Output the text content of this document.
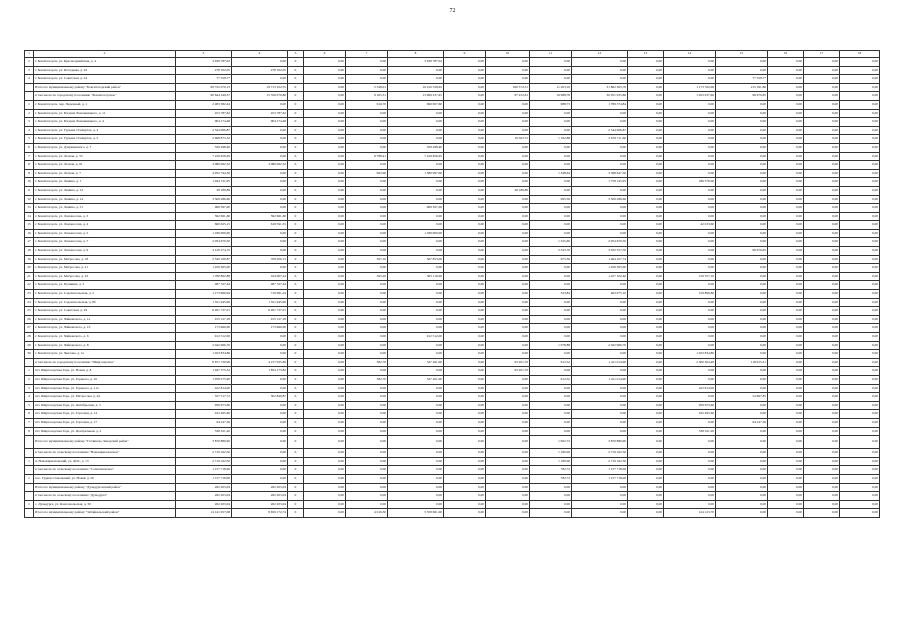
72
1	2	3	4	5	6	7	8	9	10	11	12	13	14	15	16	17	18
2	г. Бокситогорск, ул. Красноармейская, д. 4	3 639 787,02	0,00	0	0,00	0,00	3 639 787,02	0,00	0,00	0,00	0,00	0,00	0,00	0,00	0,00	0,00	0,00
3	г. Бокситогорск, ул. Погодаева, д. 45	278 162,05	278 162,05	0	0,00	0,00	0,00	0,00	0,00	0,00	0,00	0,00	0,00	0,00	0,00	0,00	0,00
4	г. Бокситогорск, ул. Советская, д. 24	77 558,77	0,00	0	0,00	0,00	0,00	0,00	0,00	0,00	0,00	0,00	0,00	77 558,77	0,00	0,00	0,00
	Итого по муниципальному району "Бокситогорский район"	69 722 070,13	19 713 102,55	0	0,00	5 548,01	16 410 538,65	0,00	180 574,31	11 203,10	31 862 365,76	0,00	1 173 762,06	215 591,86	0,00	0,00	0,00
	в том числе по городскому поселению "Бокситогорское"	60 644 349,37	15 556 076,86	0	0,00	9 165,31	13 969 237,45	0,00	67 252,61	16 988,78	30 051 935,86	0,00	1 023 037,69	96 679,65	0,00	0,00	0,00
1	г. Бокситогорск, пер. Перечный, д. 1	2 483 382,44	0,00	0	0,00	616,70	690 007,60	0,00	0,00	988,73	1 789 374,84	0,00	0,00	0,00	0,00	0,00	0,00
2	г. Бокситогорск, ул. Богдана Хмельницкого, д. 11	453 787,62	453 787,62	0	0,00	0,00	0,00	0,00	0,00	0,00	0,00	0,00	0,00	0,00	0,00	0,00	0,00
3	г. Бокситогорск, ул. Богдана Хмельницкого, д. 4	904 174,48	904 174,48	0	0,00	0,00	0,00	0,00	0,00	0,00	0,00	0,00	0,00	0,00	0,00	0,00	0,00
4	г. Бокситогорск, ул. Гурьева 19 квартал, д. 4	2 544 066,87	0,00	0	0,00	0,00	0,00	0,00	0,00	0,00	2 544 066,87	0,00	0,00	0,00	0,00	0,00	0,00
5	г. Бокситогорск, ул. Гурьева 19 квартал, д. 5	2 698 873,32	0,00	0	0,00	0,00	0,00	0,00	19 563,72	1 162,88	2 679 711,60	0,00	0,00	0,00	0,00	0,00	0,00
6	г. Бокситогорск, ул. Дзержинского, д. 7	359 298,40	0,00	0	0,00	0,00	359 298,40	0,00	0,00	0,00	0,00	0,00	0,00	0,00	0,00	0,00	0,00
7	г. Бокситогорск, ул. Лесная, д. 55	7 229 656,65	0,00	0	0,00	6 788,41	7 229 656,65	0,00	0,00	0,00	0,00	0,00	0,00	0,00	0,00	0,00	0,00
8	г. Бокситогорск, ул. Лесная, д. 61	3 086 092,32	3 086 092,32	0	0,00	0,00	0,00	0,00	0,00	0,00	0,00	0,00	0,00	0,00	0,00	0,00	0,00
9	г. Бокситогорск, ул. Лесная, д. 7	4 952 744,30	0,00	0	0,00	962,90	1 580 097,00	0,00	0,00	1 348,64	3 368 647,30	0,00	0,00	0,00	0,00	0,00	0,00
10	г. Бокситогорск, ул. Ленина, д. 1	1 944 721,95	0,00	0	0,00	0,00	0,00	0,00	0,00	0,00	1 758 145,95	0,00	186 576,00	0,00	0,00	0,00	0,00
11	г. Бокситогорск, ул. Ленина, д. 12	28 186,89	0,00	0	0,00	0,00	0,00	0,00	28 186,89	0,00	0,00	0,00	0,00	0,00	0,00	0,00	0,00
12	г. Бокситогорск, ул. Ленина, д. 14	3 509 286,60	0,00	0	0,00	0,00	0,00	0,00	0,00	995,50	3 509 286,60	0,00	0,00	0,00	0,00	0,00	0,00
13	г. Бокситогорск, ул. Ленина, д. 51	969 397,00	0,00	0	0,00	0,00	969 397,00	0,00	0,00	0,00	0,00	0,00	0,00	0,00	0,00	0,00	0,00
14	г. Бокситогорск, ул. Ломоносова, д. 3	392 661,60	392 661,60	0	0,00	0,00	0,00	0,00	0,00	0,00	0,00	0,00	0,00	0,00	0,00	0,00	0,00
15	г. Бокситогорск, ул. Ломоносова, д. 4	660 625,15	618 591,55	0	0,00	0,00	0,00	0,00	0,00	0,00	0,00	0,00	42 033,60	0,00	0,00	0,00	0,00
16	г. Бокситогорск, ул. Ломоносова, д. 5	1 186 900,00	0,00	0	0,00	0,00	1 186 900,00	0,00	0,00	0,00	0,00	0,00	0,00	0,00	0,00	0,00	0,00
17	г. Бокситогорск, ул. Ломоносова, д. 7	2 054 670,50	0,00	0	0,00	0,00	0,00	0,00	0,00	1 325,60	2 054 670,50	0,00	0,00	0,00	0,00	0,00	0,00
18	г. Бокситогорск, ул. Ломоносова, д. 9	3 129 274,15	0,00	0	0,00	0,00	0,00	0,00	0,00	2 343,76	3 032 557,50	0,00	0,00	96 676,65	0,00	0,00	0,00
19	г. Бокситогорск, ул. Матросова, д. 18	2 540 169,87	708 209,13	0	0,00	397,10	567 853,00	0,00	0,00	675,36	1 464 107,74	0,00	0,00	0,00	0,00	0,00	0,00
20	г. Бокситогорск, ул. Матросова, д. 21	1 456 365,00	0,00	0	0,00	0,00	0,00	0,00	0,00	0,00	1 456 365,00	0,00	0,00	0,00	0,00	0,00	0,00
21	г. Бокситогорск, ул. Матросова, д. 23	1 780 862,88	164 007,24	0	0,00	395,20	565 116,00	0,00	0,00	0,00	1 457 102,40	0,00	159 357,10	0,00	0,00	0,00	0,00
22	г. Бокситогорск, ул. Пушкина, д. 5	487 327,64	487 327,64	0	0,00	0,00	0,00	0,00	0,00	0,00	0,00	0,00	0,00	0,00	0,00	0,00	0,00
23	г. Бокситогорск, ул. Садовопольская, д. 2	1 173 660,94	710 691,24	0	0,00	0,00	0,00	0,00	0,00	323,84	463 075,10	0,00	159 896,80	0,00	0,00	0,00	0,00
24	г. Бокситогорск, ул. Садовопольская, д. 8б	1 551 945,96	1 551 945,96	0	0,00	0,00	0,00	0,00	0,00	0,00	0,00	0,00	0,00	0,00	0,00	0,00	0,00
25	г. Бокситогорск, ул. Советская, д. 29	6 261 737,01	6 261 737,01	0	0,00	0,00	0,00	0,00	0,00	0,00	0,00	0,00	0,00	0,00	0,00	0,00	0,00
26	г. Бокситогорск, ул. Чайковского, д. 1а	915 127,18	915 127,18	0	0,00	0,00	0,00	0,00	0,00	0,00	0,00	0,00	0,00	0,00	0,00	0,00	0,00
27	г. Бокситогорск, ул. Чайковского, д. 1б	173 660,00	173 660,00	0	0,00	0,00	0,00	0,00	0,00	0,00	0,00	0,00	0,00	0,00	0,00	0,00	0,00
28	г. Бокситогорск, ул. Чайковского, д. 6	912 512,00	0,00	0	0,00	0,00	912 512,00	0,00	0,00	0,00	0,00	0,00	0,00	0,00	0,00	0,00	0,00
29	г. Бокситогорск, ул. Чайковского, д. 8	2 042 966,70	0,00	0	0,00	0,00	0,00	0,00	0,00	1 078,88	2 042 966,70	0,00	0,00	0,00	0,00	0,00	0,00
30	г. Бокситогорск, ул. Чкалова, д. 1а	1 023 834,80	0,00	0	0,00	0,00	0,00	0,00	0,00	0,00	0,00	0,00	1 023 834,80	0,00	0,00	0,00	0,00
	в том числе по городскому поселению "Ширгозерское"	8 671 720,99	4 157 025,69	0	0,00	382,70	547 261,00	0,00	93 201,70	612,52	1 411 014,90	0,00	2 300 304,48	118 915,21	0,00	0,00	0,00
1	пгт. Ширгозерская Гора, ул. Новая, д. 8	1 947 375,52	1 854 173,82	0	0,00	0,00	0,00	0,00	93 201,70	0,00	0,00	0,00	0,00	0,00	0,00	0,00	0,00
2	пгт. Ширгозерская Гора, ул. Горького, д. 10	1 958 275,90	0,00	0	0,00	382,70	547 261,00	0,00	0,00	612,52	1 411 014,90	0,00	0,00	0,00	0,00	0,00	0,00
3	пгт. Ширгозерская Гора, ул. Горького, д. 11а	422 814,00	0,00	0	0,00	0,00	0,00	0,00	0,00	0,00	0,00	0,00	422 814,00	0,00	0,00	0,00	0,00
4	пгт. Ширгозерская Гора, ул. Матросова, д. 44	357 517,72	302 849,87	0	0,00	0,00	0,00	0,00	0,00	0,00	0,00	0,00	0,00	54 667,85	0,00	0,00	0,00
5	пгт. Ширгозерская Гора, ул. Октябрьская, д. 5	956 673,60	0,00	0	0,00	0,00	0,00	0,00	0,00	0,00	0,00	0,00	956 673,60	0,00	0,00	0,00	0,00
6	пгт. Ширгозерская Гора, ул. Торговая, д. 14	432 495,60	0,00	0	0,00	0,00	0,00	0,00	0,00	0,00	0,00	0,00	432 495,60	0,00	0,00	0,00	0,00
7	пгт. Ширгозерская Гора, ул. Торговая, д. 17	64 247,36	0,00	0	0,00	0,00	0,00	0,00	0,00	0,00	0,00	0,00	0,00	64 247,36	0,00	0,00	0,00
8	пгт. Ширгозерская Гора, ул. Центральная, д. 2	538 321,20	0,00	0	0,00	0,00	0,00	0,00	0,00	0,00	0,00	0,00	538 321,20	0,00	0,00	0,00	0,00
	Итого по муниципальному району "Гатчинско-Заводский район"	3 876 880,90	0,00	0	0,00	0,00	0,00	0,00	0,00	1 962,72	3 876 880,90	0,00	0,00	0,00	0,00	0,00	0,00
	в том числе по сельскому поселению "Новокирилловское"	2 719 162,50	0,00	0	0,00	0,00	0,00	0,00	0,00	1 180,00	2 719 162,50	0,00	0,00	0,00	0,00	0,00	0,00
1	п. Новокирилловский, ул. ДОС, д. 13	2 719 162,50	0,00	0	0,00	0,00	0,00	0,00	0,00	1 180,00	2 719 162,50	0,00	0,00	0,00	0,00	0,00	0,00
	в том числе по сельскому поселению "Солнечненское"	1 157 718,06	0,00	0	0,00	0,00	0,00	0,00	0,00	782,72	1 157 718,06	0,00	0,00	0,00	0,00	0,00	0,00
1	пос. Гудков Стекольный, ул. Новая, д. 20	1 157 718,06	0,00	0	0,00	0,00	0,00	0,00	0,00	782,72	1 157 718,06	0,00	0,00	0,00	0,00	0,00	0,00
	Итого по муниципальному району "Дульдурговский район"	262 203,04	262 203,04	0	0,00	0,00	0,00	0,00	0,00	0,00	0,00	0,00	0,00	0,00	0,00	0,00	0,00
	в том числе по сельскому поселению "Дульдурга"	262 203,04	262 203,04	0	0,00	0,00	0,00	0,00	0,00	0,00	0,00	0,00	0,00	0,00	0,00	0,00	0,00
1	с. Дульдурга, ул. Комсомольская, д. 30	262 203,04	262 203,04	0	0,00	0,00	0,00	0,00	0,00	0,00	0,00	0,00	0,00	0,00	0,00	0,00	0,00
	Итого по муниципальному району "Забайкальский район"	14 141 957,08	8 659 172,74	0	0,00	4 016,30	5 558 661,00	0,00	0,00	0,00	0,00	0,00	124 123,70	0,00	0,00	0,00	0,00
